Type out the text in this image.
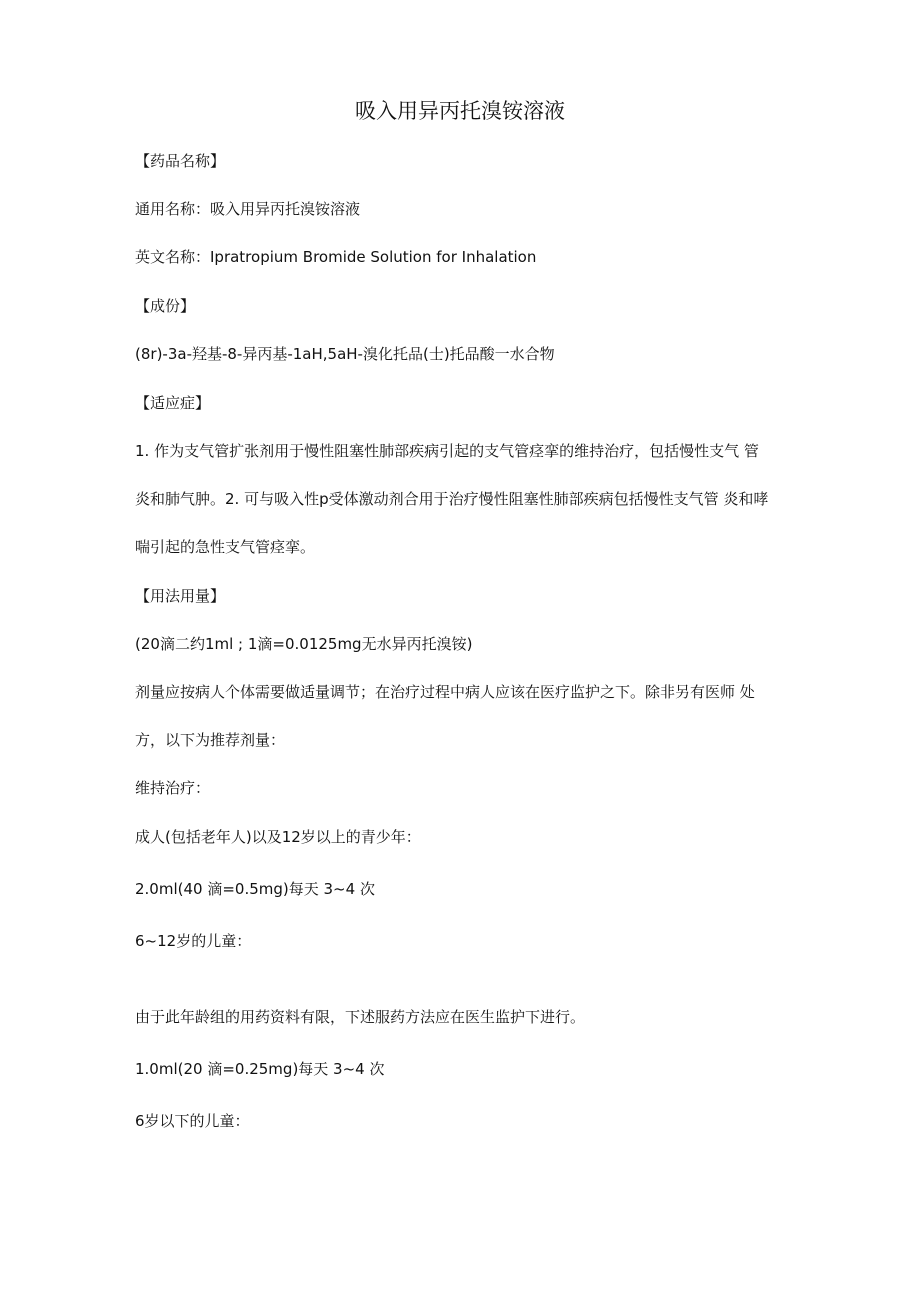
吸入用异丙托溴铵溶液
【药品名称】
通用名称：吸入用异丙托溴铵溶液
英文名称：Ipratropium Bromide Solution for Inhalation
【成份】
(8r)-3a-羟基-8-异丙基-1aH,5aH-溴化托品(士)托品酸一水合物
【适应症】
1. 作为支气管扩张剂用于慢性阻塞性肺部疾病引起的支气管痉挛的维持治疗，包括慢性支气 管
炎和肺气肿。2. 可与吸入性p受体激动剂合用于治疗慢性阻塞性肺部疾病包括慢性支气管 炎和哮
喘引起的急性支气管痉挛。
【用法用量】
(20滴二约1ml ; 1滴=0.0125mg无水异丙托溴铵)
剂量应按病人个体需要做适量调节；在治疗过程中病人应该在医疗监护之下。除非另有医师 处
方，以下为推荐剂量：
维持治疗：
成人(包括老年人)以及12岁以上的青少年：
2.0ml(40 滴=0.5mg)每天 3~4 次
6~12岁的儿童：
由于此年龄组的用药资料有限，下述服药方法应在医生监护下进行。
1.0ml(20 滴=0.25mg)每天 3~4 次
6岁以下的儿童：
